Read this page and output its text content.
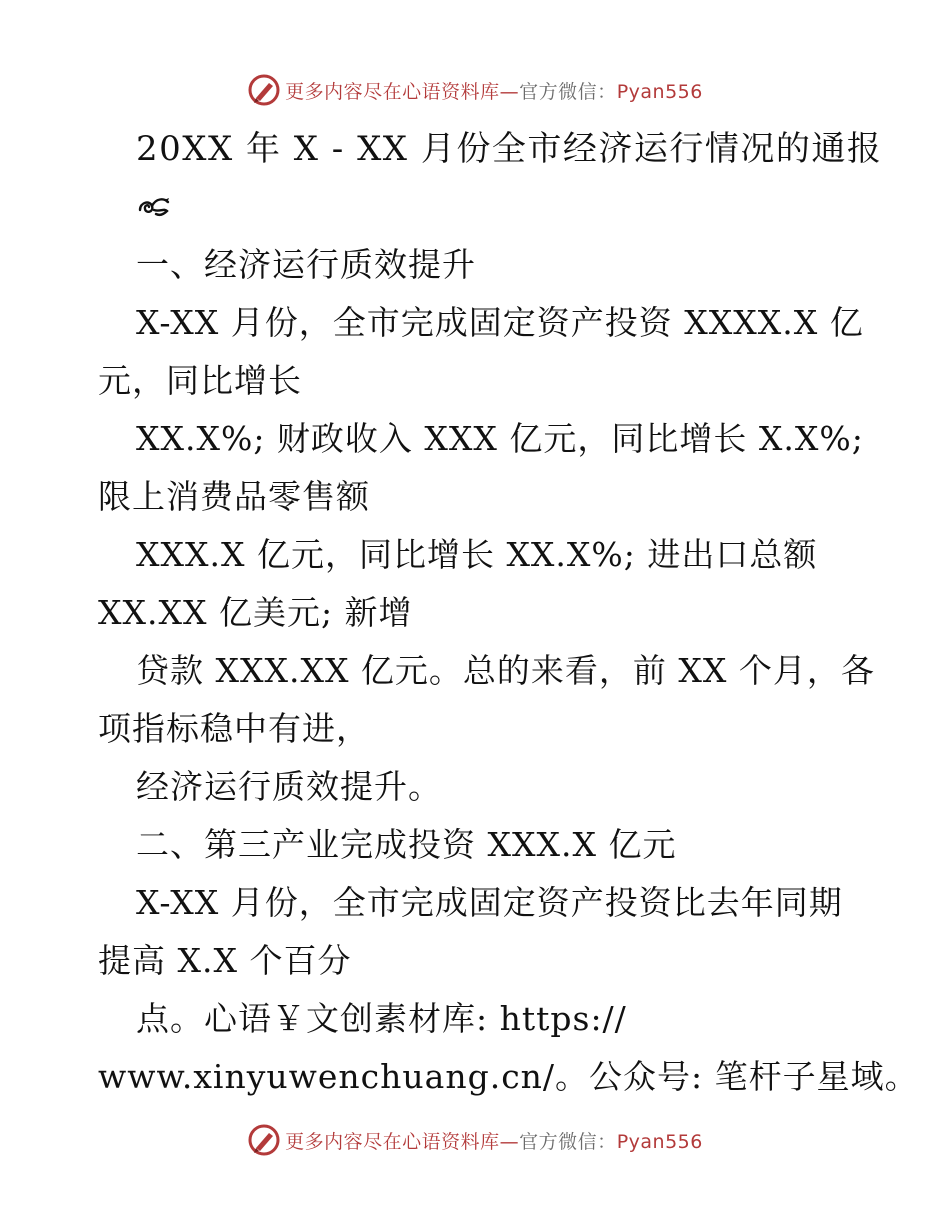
更多内容尽在心语资料库—官方微信：Pyan556
20XX 年 X - XX 月份全市经济运行情况的通报
一、经济运行质效提升
X-XX 月份，全市完成固定资产投资 XXXX.X 亿
元，同比增长
XX.X%; 财政收入 XXX 亿元，同比增长 X.X%;
限上消费品零售额
XXX.X 亿元，同比增长 XX.X%; 进出口总额
XX.XX 亿美元; 新增
贷款 XXX.XX 亿元。总的来看，前 XX 个月，各
项指标稳中有进，
经济运行质效提升。
二、第三产业完成投资 XXX.X 亿元
X-XX 月份，全市完成固定资产投资比去年同期
提高 X.X 个百分
点。心语￥文创素材库: https://
www.xinyuwenchuang.cn/。公众号: 笔杆子星域。
更多内容尽在心语资料库—官方微信：Pyan556
